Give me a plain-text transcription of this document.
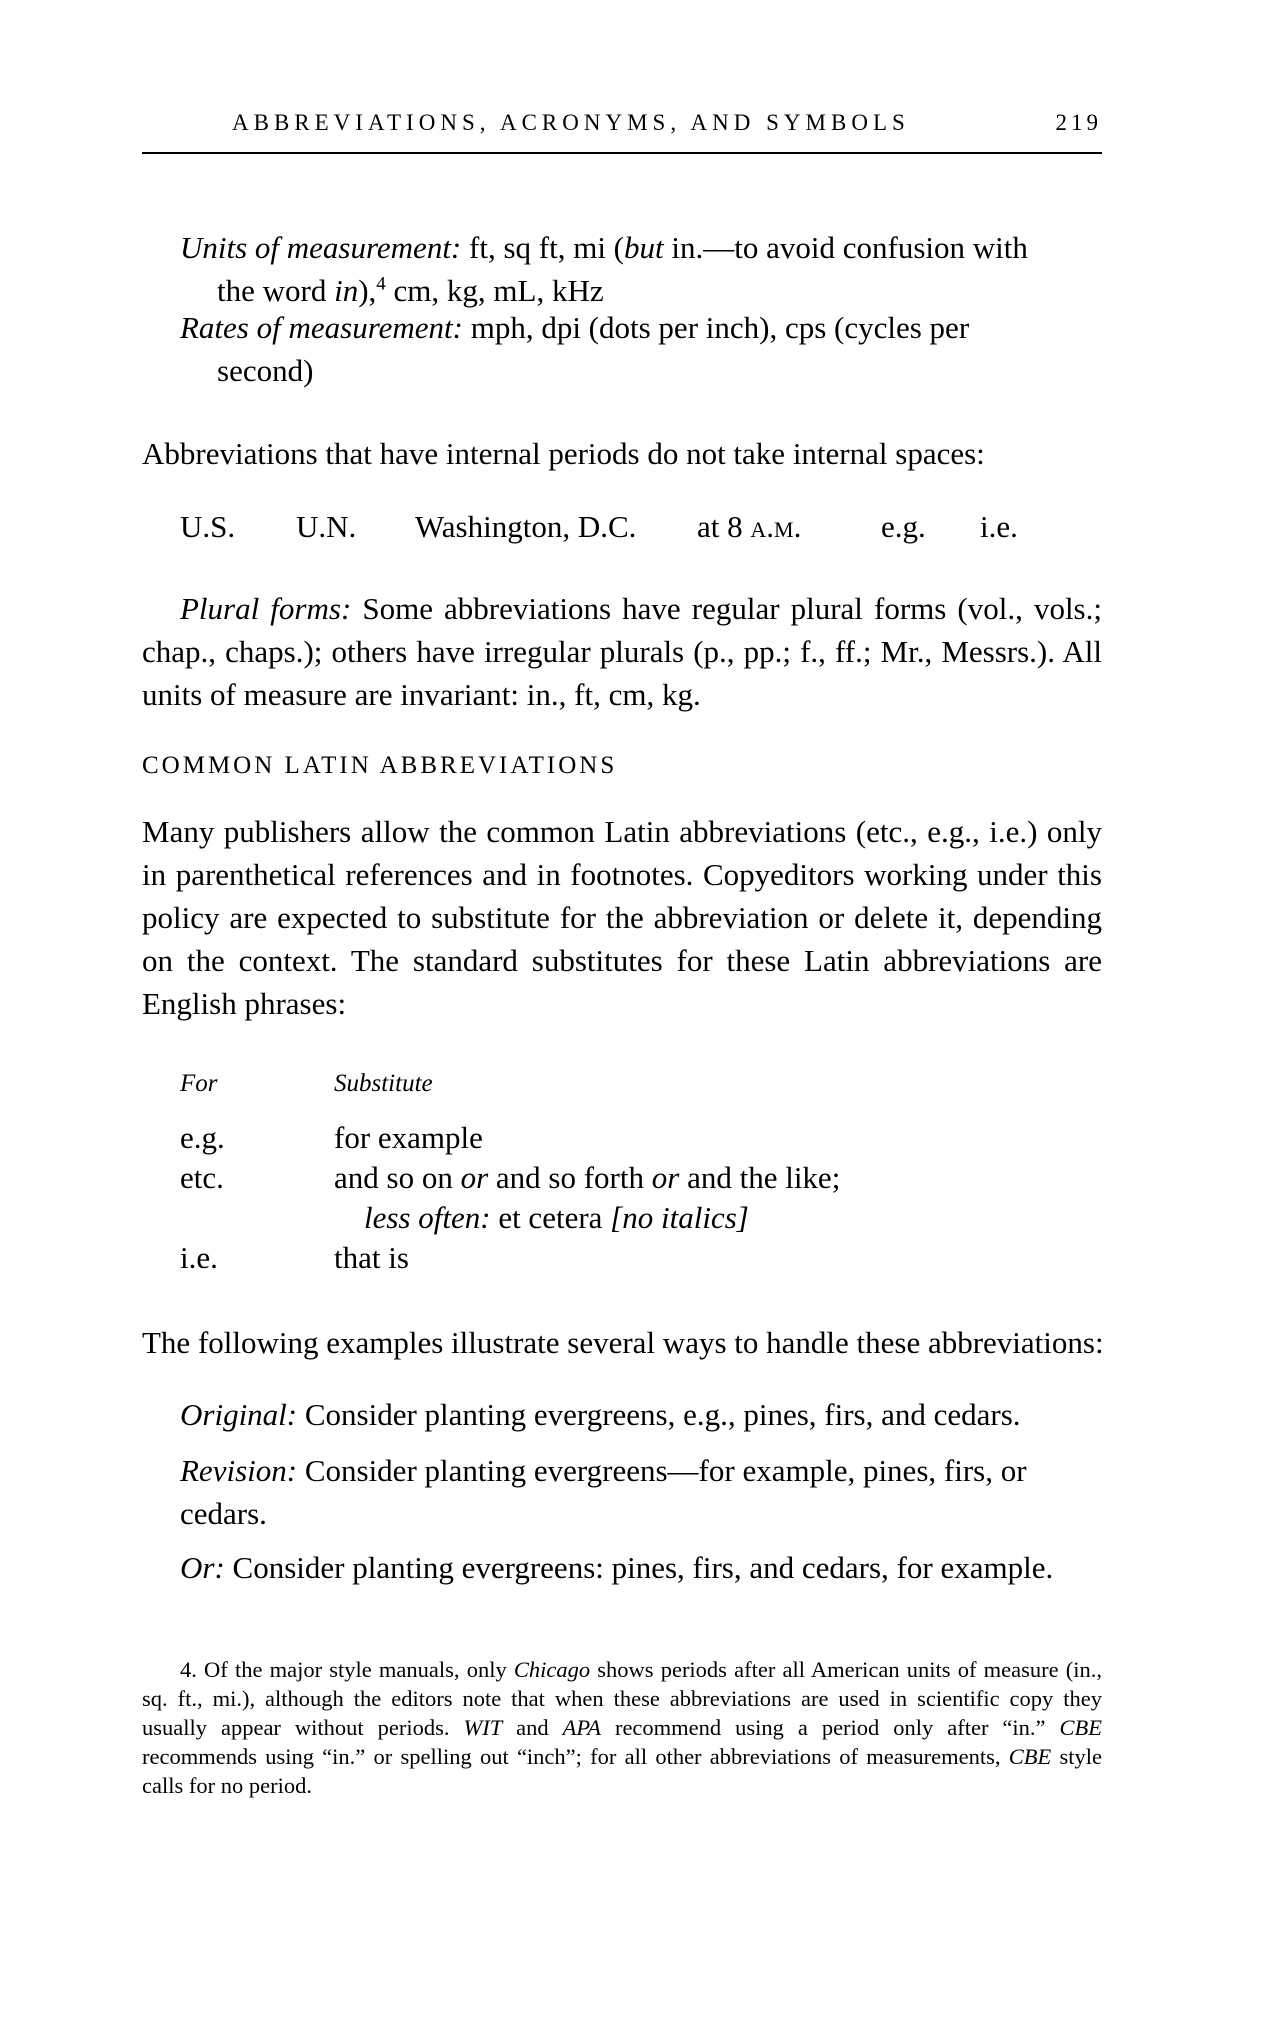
ABBREVIATIONS, ACRONYMS, AND SYMBOLS	219
Units of measurement: ft, sq ft, mi (but in.—to avoid confusion with the word in),$^4$ cm, kg, mL, kHz
Rates of measurement: mph, dpi (dots per inch), cps (cycles per second)
Abbreviations that have internal periods do not take internal spaces:
U.S. U.N. Washington, D.C. at 8 a.m.	e.g. i.e.
Plural forms: Some abbreviations have regular plural forms (vol., vols.; chap., chaps.); others have irregular plurals (p., pp.; f., ff.; Mr., Messrs.). All units of measure are invariant: in., ft, cm, kg.
COMMON LATIN ABBREVIATIONS
Many publishers allow the common Latin abbreviations (etc., e.g., i.e.) only in parenthetical references and in footnotes. Copyeditors working under this policy are expected to substitute for the abbreviation or delete it, depending on the context. The standard substitutes for these Latin abbreviations are English phrases:
For	Substitute
e.g.	for example
etc.	and so on or and so forth or and the like;
less often: et cetera [no italics]
i.e.	that is
The following examples illustrate several ways to handle these abbreviations:
Original: Consider planting evergreens, e.g., pines, firs, and cedars.
Revision: Consider planting evergreens—for example, pines, firs, or cedars.
Or: Consider planting evergreens: pines, firs, and cedars, for example.
4. Of the major style manuals, only Chicago shows periods after all American units of measure (in., sq. ft., mi.), although the editors note that when these abbreviations are used in scientific copy they usually appear without periods. WIT and APA recommend using a period only after “in.” CBE recommends using “in.” or spelling out “inch”; for all other abbreviations of measurements, CBE style calls for no period.
